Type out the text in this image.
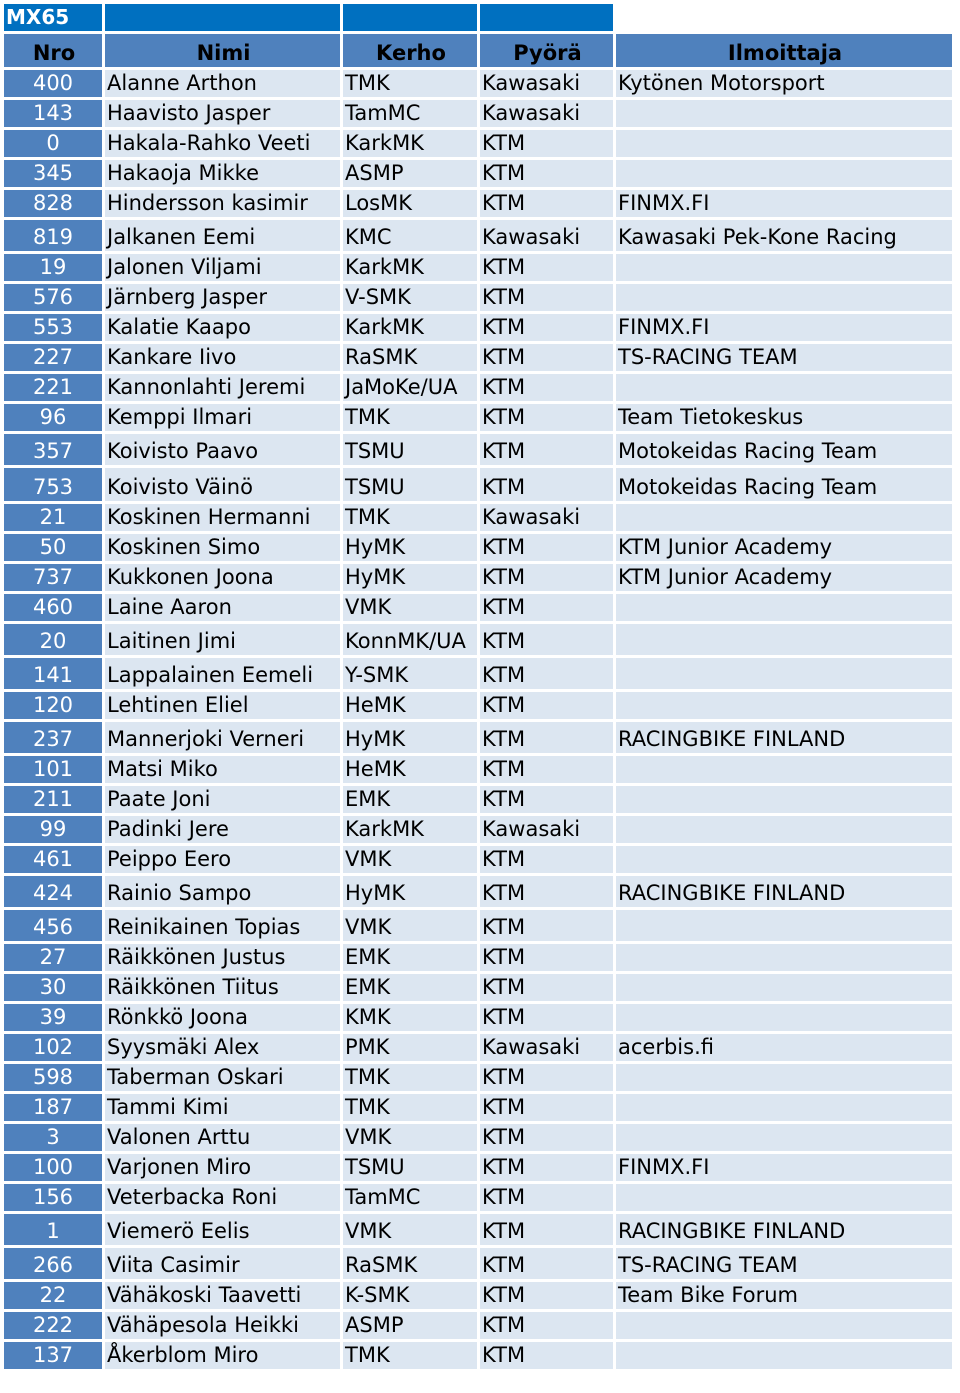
MX65				
Nro	Nimi	Kerho	Pyörä	Ilmoittaja
400	Alanne Arthon	TMK	Kawasaki	Kytönen Motorsport
143	Haavisto Jasper	TamMC	Kawasaki	
0	Hakala-Rahko Veeti	KarkMK	KTM	
345	Hakaoja Mikke	ASMP	KTM	
828	Hindersson kasimir	LosMK	KTM	FINMX.FI
819	Jalkanen Eemi	KMC	Kawasaki	Kawasaki Pek-Kone Racing
19	Jalonen Viljami	KarkMK	KTM	
576	Järnberg Jasper	V-SMK	KTM	
553	Kalatie Kaapo	KarkMK	KTM	FINMX.FI
227	Kankare Iivo	RaSMK	KTM	TS-RACING TEAM
221	Kannonlahti Jeremi	JaMoKe/UA	KTM	
96	Kemppi Ilmari	TMK	KTM	Team Tietokeskus
357	Koivisto Paavo	TSMU	KTM	Motokeidas Racing Team
753	Koivisto Väinö	TSMU	KTM	Motokeidas Racing Team
21	Koskinen Hermanni	TMK	Kawasaki	
50	Koskinen Simo	HyMK	KTM	KTM Junior Academy
737	Kukkonen Joona	HyMK	KTM	KTM Junior Academy
460	Laine Aaron	VMK	KTM	
20	Laitinen Jimi	KonnMK/UA	KTM	
141	Lappalainen Eemeli	Y-SMK	KTM	
120	Lehtinen Eliel	HeMK	KTM	
237	Mannerjoki Verneri	HyMK	KTM	RACINGBIKE FINLAND
101	Matsi Miko	HeMK	KTM	
211	Paate Joni	EMK	KTM	
99	Padinki Jere	KarkMK	Kawasaki	
461	Peippo Eero	VMK	KTM	
424	Rainio Sampo	HyMK	KTM	RACINGBIKE FINLAND
456	Reinikainen Topias	VMK	KTM	
27	Räikkönen Justus	EMK	KTM	
30	Räikkönen Tiitus	EMK	KTM	
39	Rönkkö Joona	KMK	KTM	
102	Syysmäki Alex	PMK	Kawasaki	acerbis.fi
598	Taberman Oskari	TMK	KTM	
187	Tammi Kimi	TMK	KTM	
3	Valonen Arttu	VMK	KTM	
100	Varjonen Miro	TSMU	KTM	FINMX.FI
156	Veterbacka Roni	TamMC	KTM	
1	Viemerö Eelis	VMK	KTM	RACINGBIKE FINLAND
266	Viita Casimir	RaSMK	KTM	TS-RACING TEAM
22	Vähäkoski Taavetti	K-SMK	KTM	Team Bike Forum
222	Vähäpesola Heikki	ASMP	KTM	
137	Åkerblom Miro	TMK	KTM	
